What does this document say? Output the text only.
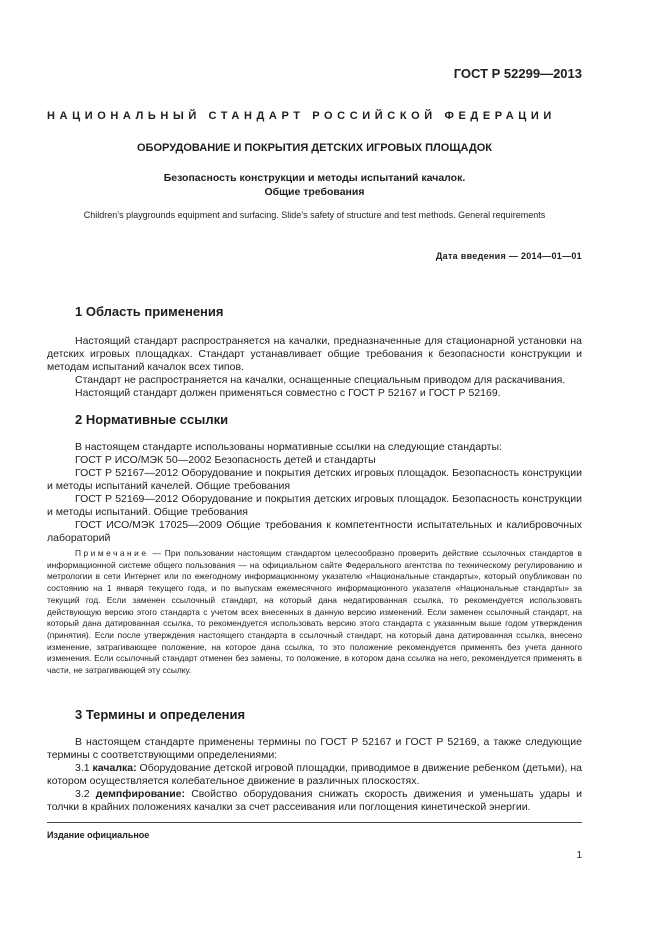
ГОСТ Р 52299—2013
НАЦИОНАЛЬНЫЙ СТАНДАРТ РОССИЙСКОЙ ФЕДЕРАЦИИ
ОБОРУДОВАНИЕ И ПОКРЫТИЯ ДЕТСКИХ ИГРОВЫХ ПЛОЩАДОК
Безопасность конструкции и методы испытаний качалок.
Общие требования
Children’s playgrounds equipment and surfacing. Slide’s safety of structure and test methods. General requirements
Дата введения — 2014—01—01
1 Область применения

Настоящий стандарт распространяется на качалки, предназначенные для стационарной установки на детских игровых площадках. Стандарт устанавливает общие требования к безопасности конструкции и методам испытаний качалок всех типов.

Стандарт не распространяется на качалки, оснащенные специальным приводом для раскачивания.

Настоящий стандарт должен применяться совместно с ГОСТ Р 52167 и ГОСТ Р 52169.

2 Нормативные ссылки

В настоящем стандарте использованы нормативные ссылки на следующие стандарты:

ГОСТ Р ИСО/МЭК 50—2002 Безопасность детей и стандарты

ГОСТ Р 52167—2012 Оборудование и покрытия детских игровых площадок. Безопасность конструкции и методы испытаний качелей. Общие требования

ГОСТ Р 52169—2012 Оборудование и покрытия детских игровых площадок. Безопасность конструкции и методы испытаний. Общие требования

ГОСТ ИСО/МЭК 17025—2009 Общие требования к компетентности испытательных и калибровочных лабораторий

Примечание — При пользовании настоящим стандартом целесообразно проверить действие ссылочных стандартов в информационной системе общего пользования — на официальном сайте Федерального агентства по техническому регулированию и метрологии в сети Интернет или по ежегодному информационному указателю «Национальные стандарты», который опубликован по состоянию на 1 января текущего года, и по выпускам ежемесячного информационного указателя «Национальные стандарты» за текущий год. Если заменен ссылочный стандарт, на который дана недатированная ссылка, то рекомендуется использовать действующую версию этого стандарта с учетом всех внесенных в данную версию изменений. Если заменен ссылочный стандарт, на который дана датированная ссылка, то рекомендуется использовать версию этого стандарта с указанным выше годом утверждения (принятия). Если после утверждения настоящего стандарта в ссылочный стандарт, на который дана датированная ссылка, внесено изменение, затрагивающее положение, на которое дана ссылка, то это положение рекомендуется применять без учета данного изменения. Если ссылочный стандарт отменен без замены, то положение, в котором дана ссылка на него, рекомендуется применять в части, не затрагивающей эту ссылку.

3 Термины и определения

В настоящем стандарте применены термины по ГОСТ Р 52167 и ГОСТ Р 52169, а также следующие термины с соответствующими определениями:

3.1 качалка: Оборудование детской игровой площадки, приводимое в движение ребенком (детьми), на котором осуществляется колебательное движение в различных плоскостях.

3.2 демпфирование: Свойство оборудования снижать скорость движения и уменьшать удары и толчки в крайних положениях качалки за счет рассеивания или поглощения кинетической энергии.

Издание официальное
1
